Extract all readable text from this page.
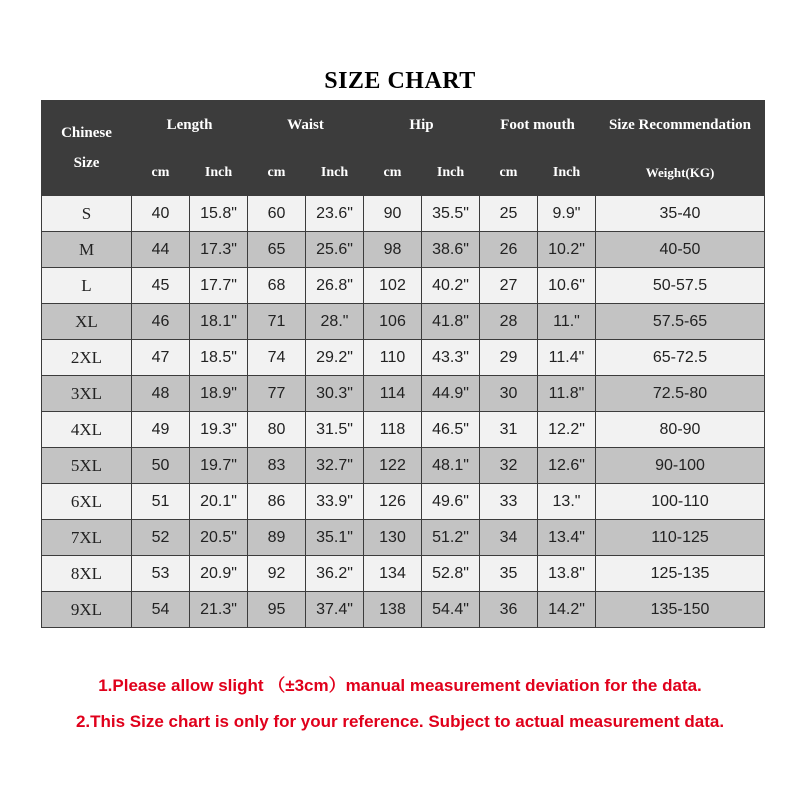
SIZE CHART
Chinese
Size	Length		Waist		Hip		Foot mouth		Size Recommendation
	cm	Inch	cm	Inch	cm	Inch	cm	Inch	Weight(KG)
S	40	15.8"	60	23.6"	90	35.5"	25	9.9"	35-40
M	44	17.3"	65	25.6"	98	38.6"	26	10.2"	40-50
L	45	17.7"	68	26.8"	102	40.2"	27	10.6"	50-57.5
XL	46	18.1"	71	28."	106	41.8"	28	11."	57.5-65
2XL	47	18.5"	74	29.2"	110	43.3"	29	11.4"	65-72.5
3XL	48	18.9"	77	30.3"	114	44.9"	30	11.8"	72.5-80
4XL	49	19.3"	80	31.5"	118	46.5"	31	12.2"	80-90
5XL	50	19.7"	83	32.7"	122	48.1"	32	12.6"	90-100
6XL	51	20.1"	86	33.9"	126	49.6"	33	13."	100-110
7XL	52	20.5"	89	35.1"	130	51.2"	34	13.4"	110-125
8XL	53	20.9"	92	36.2"	134	52.8"	35	13.8"	125-135
9XL	54	21.3"	95	37.4"	138	54.4"	36	14.2"	135-150
1.Please allow slight （±3cm）manual measurement deviation for the data.
2.This Size chart is only for your reference. Subject to actual measurement data.
